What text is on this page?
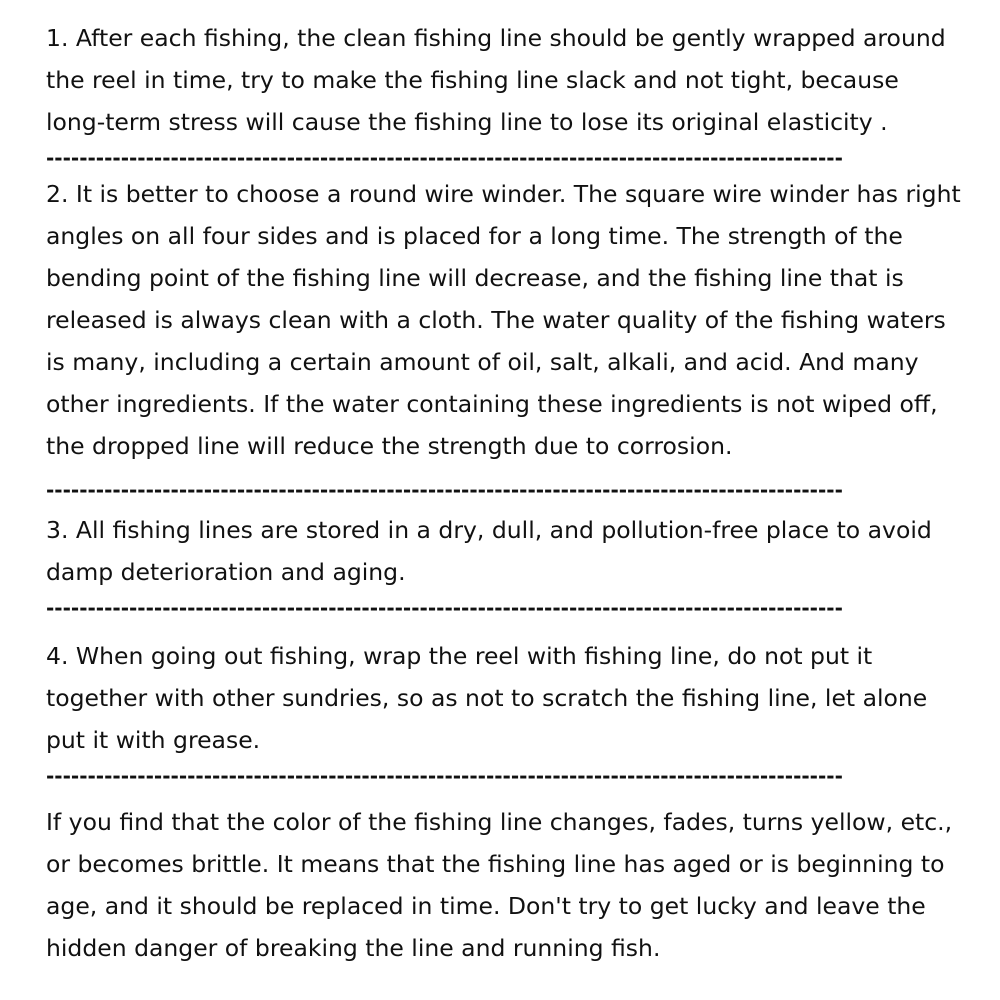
1. After each fishing, the clean fishing line should be gently wrapped around the reel in time, try to make the fishing line slack and not tight, because long-term stress will cause the fishing line to lose its original elasticity .

------------------------------------------------------------------------------------------------

2. It is better to choose a round wire winder. The square wire winder has right angles on all four sides and is placed for a long time. The strength of the bending point of the fishing line will decrease, and the fishing line that is released is always clean with a cloth. The water quality of the fishing waters is many, including a certain amount of oil, salt, alkali, and acid. And many other ingredients. If the water containing these ingredients is not wiped off, the dropped line will reduce the strength due to corrosion.

------------------------------------------------------------------------------------------------

3. All fishing lines are stored in a dry, dull, and pollution-free place to avoid damp deterioration and aging.

------------------------------------------------------------------------------------------------

4. When going out fishing, wrap the reel with fishing line, do not put it together with other sundries, so as not to scratch the fishing line, let alone put it with grease.

------------------------------------------------------------------------------------------------

If you find that the color of the fishing line changes, fades, turns yellow, etc., or becomes brittle. It means that the fishing line has aged or is beginning to age, and it should be replaced in time. Don't try to get lucky and leave the hidden danger of breaking the line and running fish.
